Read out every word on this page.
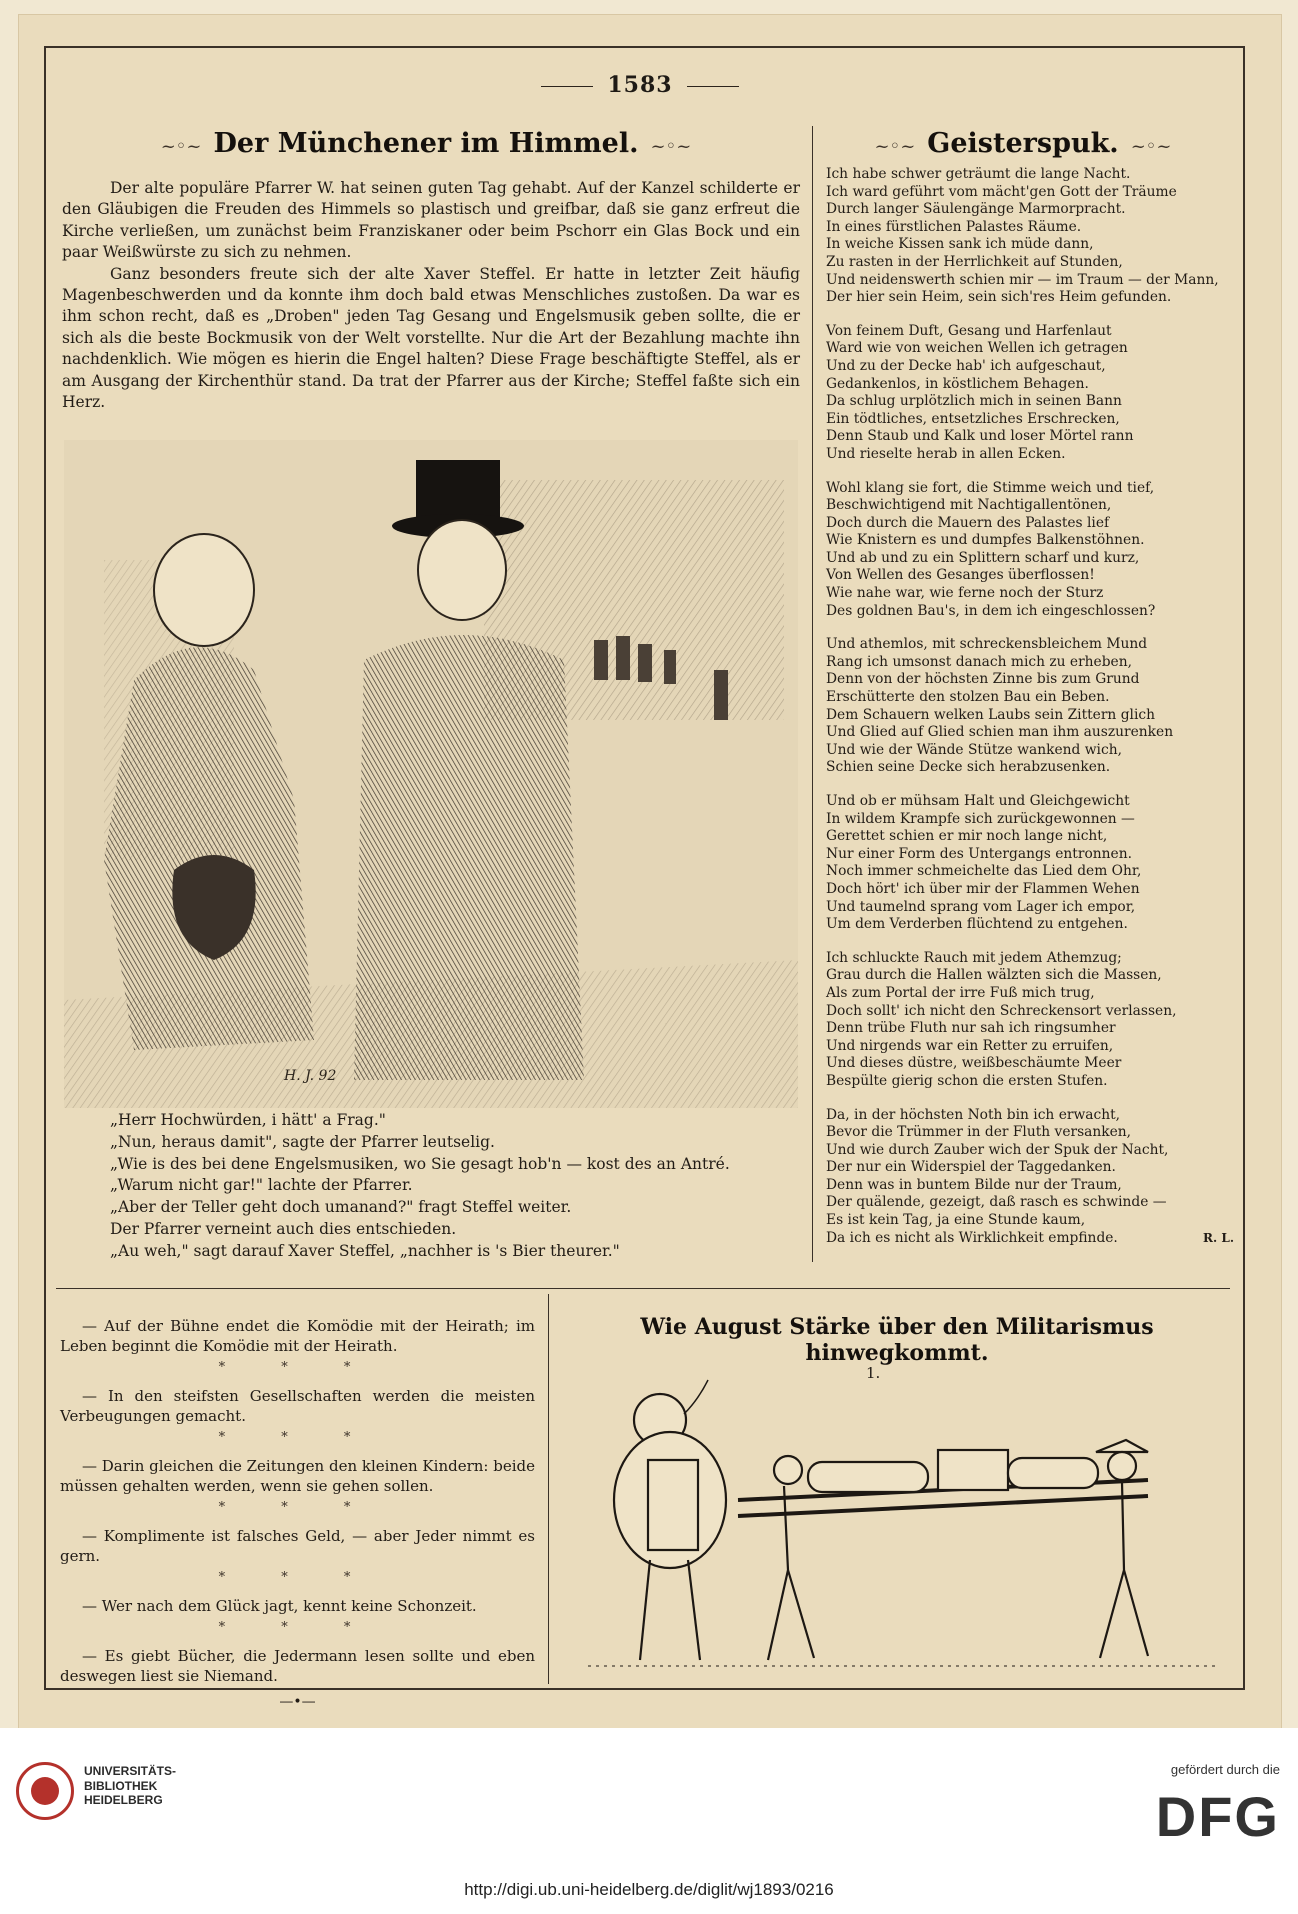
1583
~◦~ Der Münchener im Himmel. ~◦~	~◦~ Geisterspuk. ~◦~

Der alte populäre Pfarrer W. hat seinen guten Tag gehabt. Auf der Kanzel schilderte er den Gläubigen die Freuden des Himmels so plastisch und greifbar, daß sie ganz erfreut die Kirche verließen, um zunächst beim Franziskaner oder beim Pschorr ein Glas Bock und ein paar Weißwürste zu sich zu nehmen.

Ganz besonders freute sich der alte Xaver Steffel. Er hatte in letzter Zeit häufig Magenbeschwerden und da konnte ihm doch bald etwas Menschliches zustoßen. Da war es ihm schon recht, daß es „Droben" jeden Tag Gesang und Engelsmusik geben sollte, die er sich als die beste Bockmusik von der Welt vorstellte. Nur die Art der Bezahlung machte ihn nachdenklich. Wie mögen es hierin die Engel halten? Diese Frage beschäftigte Steffel, als er am Ausgang der Kirchenthür stand. Da trat der Pfarrer aus der Kirche; Steffel faßte sich ein Herz.

H. J. 92
„Herr Hochwürden, i hätt' a Frag."
„Nun, heraus damit", sagte der Pfarrer leutselig.
„Wie is des bei dene Engelsmusiken, wo Sie gesagt hob'n — kost des an Antré.
„Warum nicht gar!" lachte der Pfarrer.
„Aber der Teller geht doch umanand?" fragt Steffel weiter.
Der Pfarrer verneint auch dies entschieden.
„Au weh," sagt darauf Xaver Steffel, „nachher is 's Bier theurer."
Ich habe schwer geträumt die lange Nacht.
Ich ward geführt vom mächt'gen Gott der Träume
Durch langer Säulengänge Marmorpracht.
In eines fürstlichen Palastes Räume.
In weiche Kissen sank ich müde dann,
Zu rasten in der Herrlichkeit auf Stunden,
Und neidenswerth schien mir — im Traum — der Mann,
Der hier sein Heim, sein sich'res Heim gefunden.
Von feinem Duft, Gesang und Harfenlaut
Ward wie von weichen Wellen ich getragen
Und zu der Decke hab' ich aufgeschaut,
Gedankenlos, in köstlichem Behagen.
Da schlug urplötzlich mich in seinen Bann
Ein tödtliches, entsetzliches Erschrecken,
Denn Staub und Kalk und loser Mörtel rann
Und rieselte herab in allen Ecken.
Wohl klang sie fort, die Stimme weich und tief,
Beschwichtigend mit Nachtigallentönen,
Doch durch die Mauern des Palastes lief
Wie Knistern es und dumpfes Balkenstöhnen.
Und ab und zu ein Splittern scharf und kurz,
Von Wellen des Gesanges überflossen!
Wie nahe war, wie ferne noch der Sturz
Des goldnen Bau's, in dem ich eingeschlossen?
Und athemlos, mit schreckensbleichem Mund
Rang ich umsonst danach mich zu erheben,
Denn von der höchsten Zinne bis zum Grund
Erschütterte den stolzen Bau ein Beben.
Dem Schauern welken Laubs sein Zittern glich
Und Glied auf Glied schien man ihm auszurenken
Und wie der Wände Stütze wankend wich,
Schien seine Decke sich herabzusenken.
Und ob er mühsam Halt und Gleichgewicht
In wildem Krampfe sich zurückgewonnen —
Gerettet schien er mir noch lange nicht,
Nur einer Form des Untergangs entronnen.
Noch immer schmeichelte das Lied dem Ohr,
Doch hört' ich über mir der Flammen Wehen
Und taumelnd sprang vom Lager ich empor,
Um dem Verderben flüchtend zu entgehen.
Ich schluckte Rauch mit jedem Athemzug;
Grau durch die Hallen wälzten sich die Massen,
Als zum Portal der irre Fuß mich trug,
Doch sollt' ich nicht den Schreckensort verlassen,
Denn trübe Fluth nur sah ich ringsumher
Und nirgends war ein Retter zu erruifen,
Und dieses düstre, weißbeschäumte Meer
Bespülte gierig schon die ersten Stufen.
Da, in der höchsten Noth bin ich erwacht,
Bevor die Trümmer in der Fluth versanken,
Und wie durch Zauber wich der Spuk der Nacht,
Der nur ein Widerspiel der Taggedanken.
Denn was in buntem Bilde nur der Traum,
Der quälende, gezeigt, daß rasch es schwinde —
Es ist kein Tag, ja eine Stunde kaum,
Da ich es nicht als Wirklichkeit empfinde.	R. L.

— Auf der Bühne endet die Komödie mit der Heirath; im Leben beginnt die Komödie mit der Heirath.

* * *

— In den steifsten Gesellschaften werden die meisten Verbeugungen gemacht.

* * *

— Darin gleichen die Zeitungen den kleinen Kindern: beide müssen gehalten werden, wenn sie gehen sollen.

* * *

— Komplimente ist falsches Geld, — aber Jeder nimmt es gern.

* * *

— Wer nach dem Glück jagt, kennt keine Schonzeit.

* * *

— Es giebt Bücher, die Jedermann lesen sollte und eben deswegen liest sie Niemand.

—•—
Wie August Stärke über den Militarismus hinwegkommt.
1.
UNIVERSITÄTS-
BIBLIOTHEK
HEIDELBERG
http://digi.ub.uni-heidelberg.de/diglit/wj1893/0216
gefördert durch die
DFG
